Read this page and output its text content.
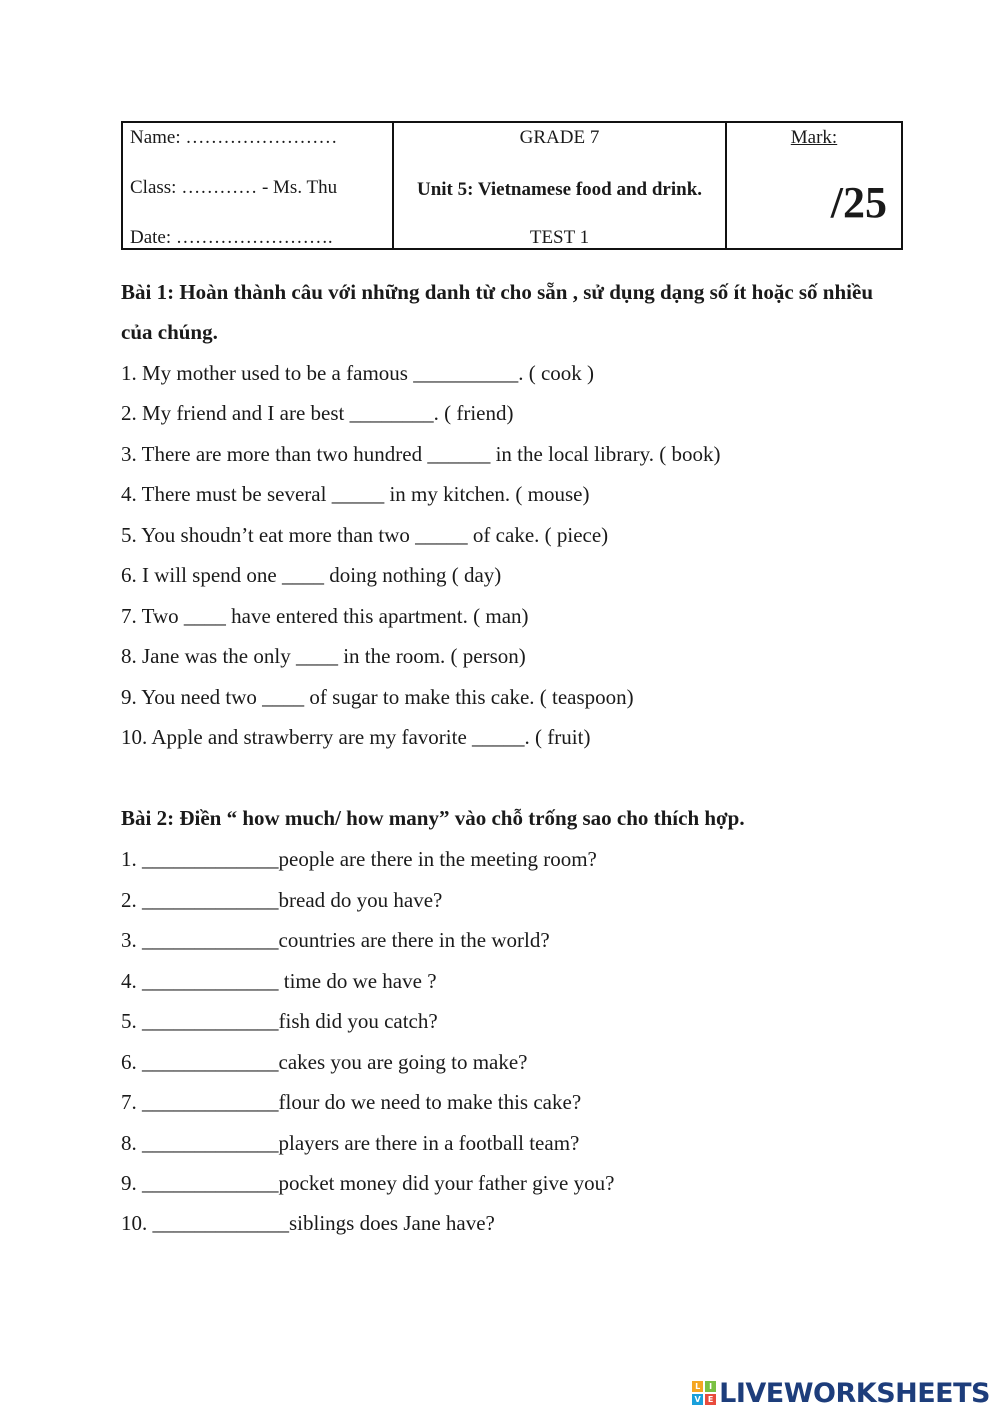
Name: ……………………
Class: ………… - Ms. Thu
Date: …………………….

GRADE 7
Unit 5: Vietnamese food and drink.
TEST 1

Mark:
/25
Bài 1: Hoàn thành câu với những danh từ cho sẵn , sử dụng dạng số ít hoặc số nhiều của chúng.
1. My mother used to be a famous __________. ( cook )
2. My friend and I are best ________. ( friend)
3. There are more than two hundred ______ in the local library. ( book)
4. There must be several _____ in my kitchen. ( mouse)
5. You shoudn’t eat more than two _____ of cake. ( piece)
6. I will spend one ____ doing nothing ( day)
7. Two ____ have entered this apartment. ( man)
8. Jane was the only ____ in the room. ( person)
9. You need two ____ of sugar to make this cake. ( teaspoon)
10. Apple and strawberry are my favorite _____. ( fruit)
Bài 2: Điền “ how much/ how many” vào chỗ trống sao cho thích hợp.
1. _____________people are there in the meeting room?
2. _____________bread do you have?
3. _____________countries are there in the world?
4. _____________ time do we have ?
5. _____________fish did you catch?
6. _____________cakes you are going to make?
7. _____________flour do we need to make this cake?
8. _____________players are there in a football team?
9. _____________pocket money did your father give you?
10. _____________siblings does Jane have?
L	I
V E LIVEWORKSHEETS
